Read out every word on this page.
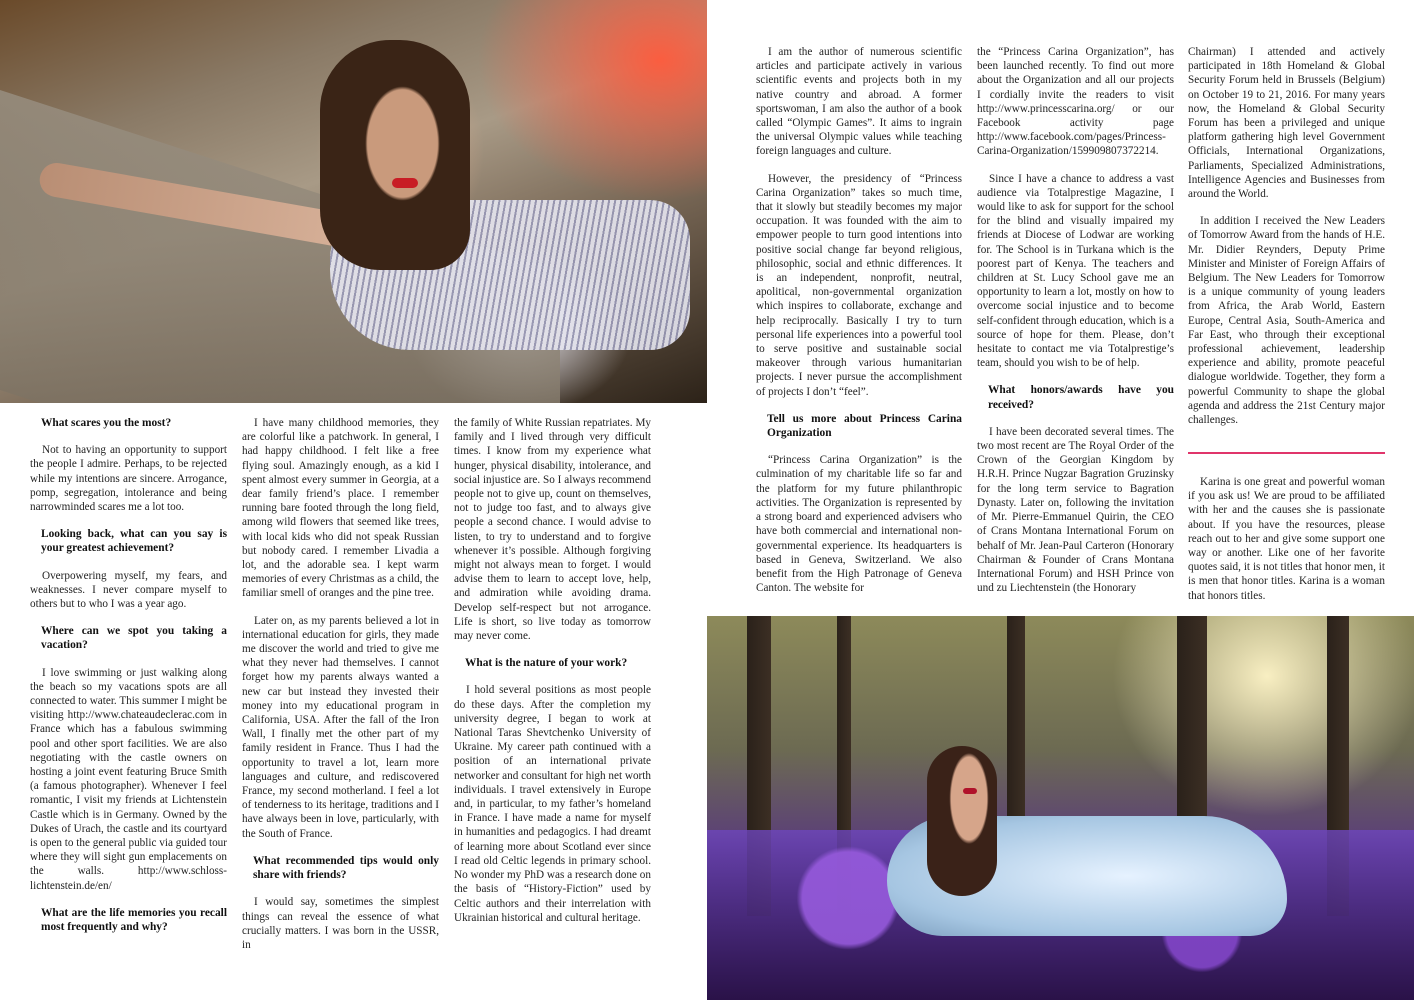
What scares you the most?

Not to having an opportunity to support the people I admire. Perhaps, to be rejected while my intentions are sincere. Arrogance, pomp, segregation, intolerance and being narrowminded scares me a lot too.

Looking back, what can you say is your greatest achievement?

Overpowering myself, my fears, and weaknesses. I never compare myself to others but to who I was a year ago.

Where can we spot you taking a vacation?

I love swimming or just walking along the beach so my vacations spots are all connected to water. This summer I might be visiting http://www.chateaudeclerac.com in France which has a fabulous swimming pool and other sport facilities. We are also negotiating with the castle owners on hosting a joint event featuring Bruce Smith (a famous photographer). Whenever I feel romantic, I visit my friends at Lichtenstein Castle which is in Germany. Owned by the Dukes of Urach, the castle and its courtyard is open to the general public via guided tour where they will sight gun emplacements on the walls. http://www.schloss-lichtenstein.de/en/

What are the life memories you recall most frequently and why?

I have many childhood memories, they are colorful like a patchwork. In general, I had happy childhood. I felt like a free flying soul. Amazingly enough, as a kid I spent almost every summer in Georgia, at a dear family friend’s place. I remember running bare footed through the long field, among wild flowers that seemed like trees, with local kids who did not speak Russian but nobody cared. I remember Livadia a lot, and the adorable sea. I kept warm memories of every Christmas as a child, the familiar smell of oranges and the pine tree.

Later on, as my parents believed a lot in international education for girls, they made me discover the world and tried to give me what they never had themselves. I cannot forget how my parents always wanted a new car but instead they invested their money into my educational program in California, USA. After the fall of the Iron Wall, I finally met the other part of my family resident in France. Thus I had the opportunity to travel a lot, learn more languages and culture, and rediscovered France, my second motherland. I feel a lot of tenderness to its heritage, traditions and I have always been in love, particularly, with the South of France.

What recommended tips would only share with friends?

I would say, sometimes the simplest things can reveal the essence of what crucially matters. I was born in the USSR, in

the family of White Russian repatriates. My family and I lived through very difficult times. I know from my experience what hunger, physical disability, intolerance, and social injustice are. So I always recommend people not to give up, count on themselves, not to judge too fast, and to always give people a second chance. I would advise to listen, to try to understand and to forgive whenever it’s possible. Although forgiving might not always mean to forget. I would advise them to learn to accept love, help, and admiration while avoiding drama. Develop self-respect but not arrogance. Life is short, so live today as tomorrow may never come.

What is the nature of your work?

I hold several positions as most people do these days. After the completion my university degree, I began to work at National Taras Shevtchenko University of Ukraine. My career path continued with a position of an international private networker and consultant for high net worth individuals. I travel extensively in Europe and, in particular, to my father’s homeland in France. I have made a name for myself in humanities and pedagogics. I had dreamt of learning more about Scotland ever since I read old Celtic legends in primary school. No wonder my PhD was a research done on the basis of “History-Fiction” used by Celtic authors and their interrelation with Ukrainian historical and cultural heritage.

I am the author of numerous scientific articles and participate actively in various scientific events and projects both in my native country and abroad. A former sportswoman, I am also the author of a book called “Olympic Games”. It aims to ingrain the universal Olympic values while teaching foreign languages and culture.

However, the presidency of “Princess Carina Organization” takes so much time, that it slowly but steadily becomes my major occupation. It was founded with the aim to empower people to turn good intentions into positive social change far beyond religious, philosophic, social and ethnic differences. It is an independent, nonprofit, neutral, apolitical, non-governmental organization which inspires to collaborate, exchange and help reciprocally. Basically I try to turn personal life experiences into a powerful tool to serve positive and sustainable social makeover through various humanitarian projects. I never pursue the accomplishment of projects I don’t “feel”.

Tell us more about Princess Carina Organization

“Princess Carina Organization” is the culmination of my charitable life so far and the platform for my future philanthropic activities. The Organization is represented by a strong board and experienced advisers who have both commercial and international non-governmental experience. Its headquarters is based in Geneva, Switzerland. We also benefit from the High Patronage of Geneva Canton. The website for

the “Princess Carina Organization”, has been launched recently. To find out more about the Organization and all our projects I cordially invite the readers to visit http://www.princesscarina.org/ or our Facebook activity page http://www.facebook.com/pages/Princess-Carina-Organization/159909807372214.

Since I have a chance to address a vast audience via Totalprestige Magazine, I would like to ask for support for the school for the blind and visually impaired my friends at Diocese of Lodwar are working for. The School is in Turkana which is the poorest part of Kenya. The teachers and children at St. Lucy School gave me an opportunity to learn a lot, mostly on how to overcome social injustice and to become self-confident through education, which is a source of hope for them. Please, don’t hesitate to contact me via Totalprestige’s team, should you wish to be of help.

What honors/awards have you received?

I have been decorated several times. The two most recent are The Royal Order of the Crown of the Georgian Kingdom by H.R.H. Prince Nugzar Bagration Gruzinsky for the long term service to Bagration Dynasty. Later on, following the invitation of Mr. Pierre-Emmanuel Quirin, the CEO of Crans Montana International Forum on behalf of Mr. Jean-Paul Carteron (Honorary Chairman & Founder of Crans Montana International Forum) and HSH Prince von und zu Liechtenstein (the Honorary

Chairman) I attended and actively participated in 18th Homeland & Global Security Forum held in Brussels (Belgium) on October 19 to 21, 2016. For many years now, the Homeland & Global Security Forum has been a privileged and unique platform gathering high level Government Officials, International Organizations, Parliaments, Specialized Administrations, Intelligence Agencies and Businesses from around the World.

In addition I received the New Leaders of Tomorrow Award from the hands of H.E. Mr. Didier Reynders, Deputy Prime Minister and Minister of Foreign Affairs of Belgium. The New Leaders for Tomorrow is a unique community of young leaders from Africa, the Arab World, Eastern Europe, Central Asia, South-America and Far East, who through their exceptional professional achievement, leadership experience and ability, promote peaceful dialogue worldwide. Together, they form a powerful Community to shape the global agenda and address the 21st Century major challenges.

Karina is one great and powerful woman if you ask us! We are proud to be affiliated with her and the causes she is passionate about. If you have the resources, please reach out to her and give some support one way or another. Like one of her favorite quotes said, it is not titles that honor men, it is men that honor titles. Karina is a woman that honors titles.
